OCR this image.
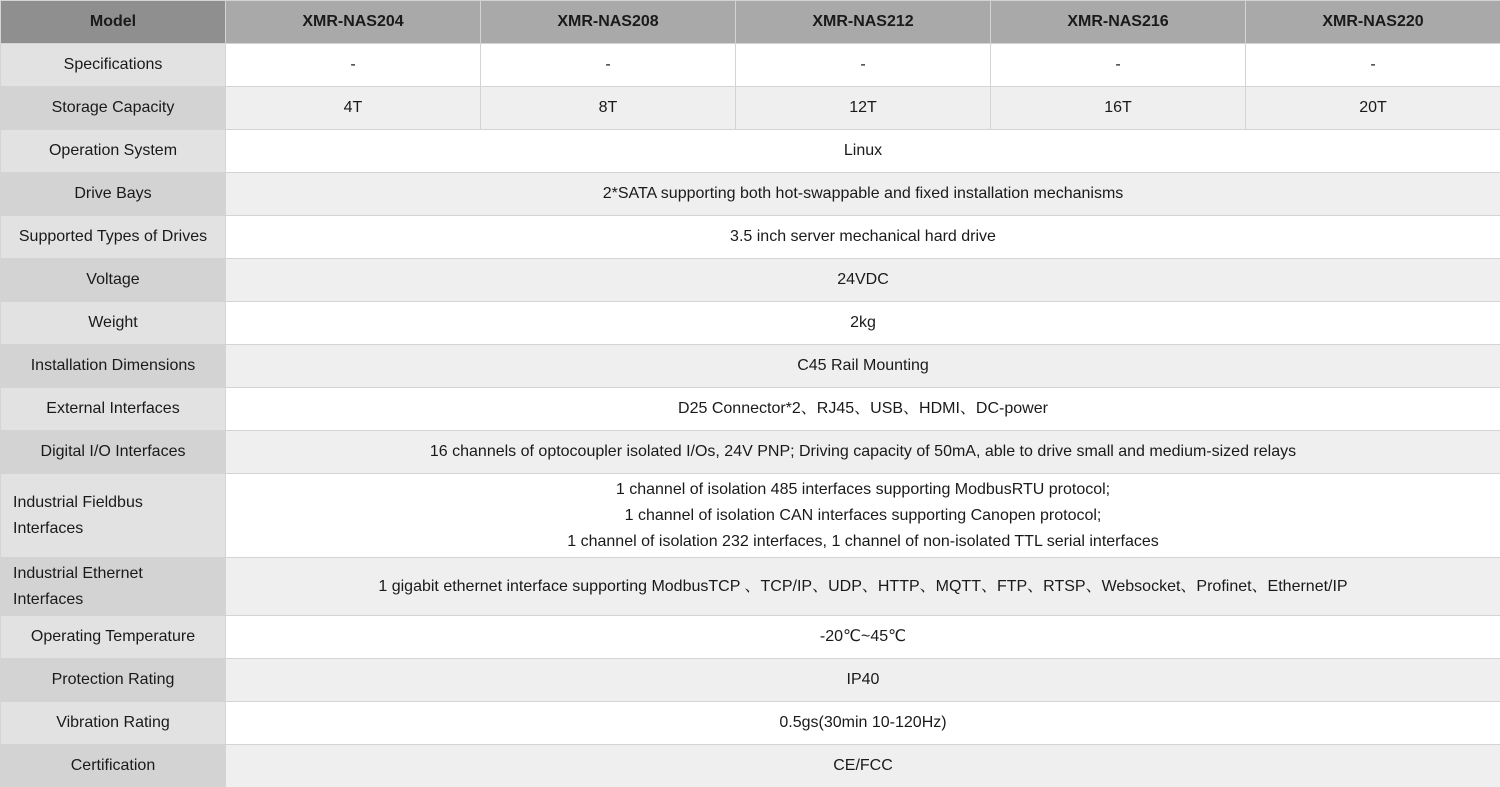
Model	XMR-NAS204	XMR-NAS208	XMR-NAS212	XMR-NAS216	XMR-NAS220
Specifications	-	-	-	-	-
Storage Capacity	4T	8T	12T	16T	20T
Operation System	Linux				
Drive Bays	2*SATA supporting both hot-swappable and fixed installation mechanisms				
Supported Types of Drives	3.5 inch server mechanical hard drive				
Voltage	24VDC				
Weight	2kg				
Installation Dimensions	C45 Rail Mounting				
External Interfaces	D25 Connector*2、RJ45、USB、HDMI、DC-power				
Digital I/O Interfaces	16 channels of optocoupler isolated I/Os, 24V PNP; Driving capacity of 50mA, able to drive small and medium-sized relays				
Industrial Fieldbus Interfaces	1 channel of isolation 485 interfaces supporting ModbusRTU protocol;
1 channel of isolation CAN interfaces supporting Canopen protocol;
1 channel of isolation 232 interfaces, 1 channel of non-isolated TTL serial interfaces				

Industrial Ethernet Interfaces	1 gigabit ethernet interface supporting ModbusTCP 、TCP/IP、UDP、HTTP、MQTT、FTP、RTSP、Websocket、Profinet、Ethernet/IP				
Operating Temperature	-20℃~45℃				
Protection Rating	IP40				
Vibration Rating	0.5gs(30min 10-120Hz)				
Certification	CE/FCC				
